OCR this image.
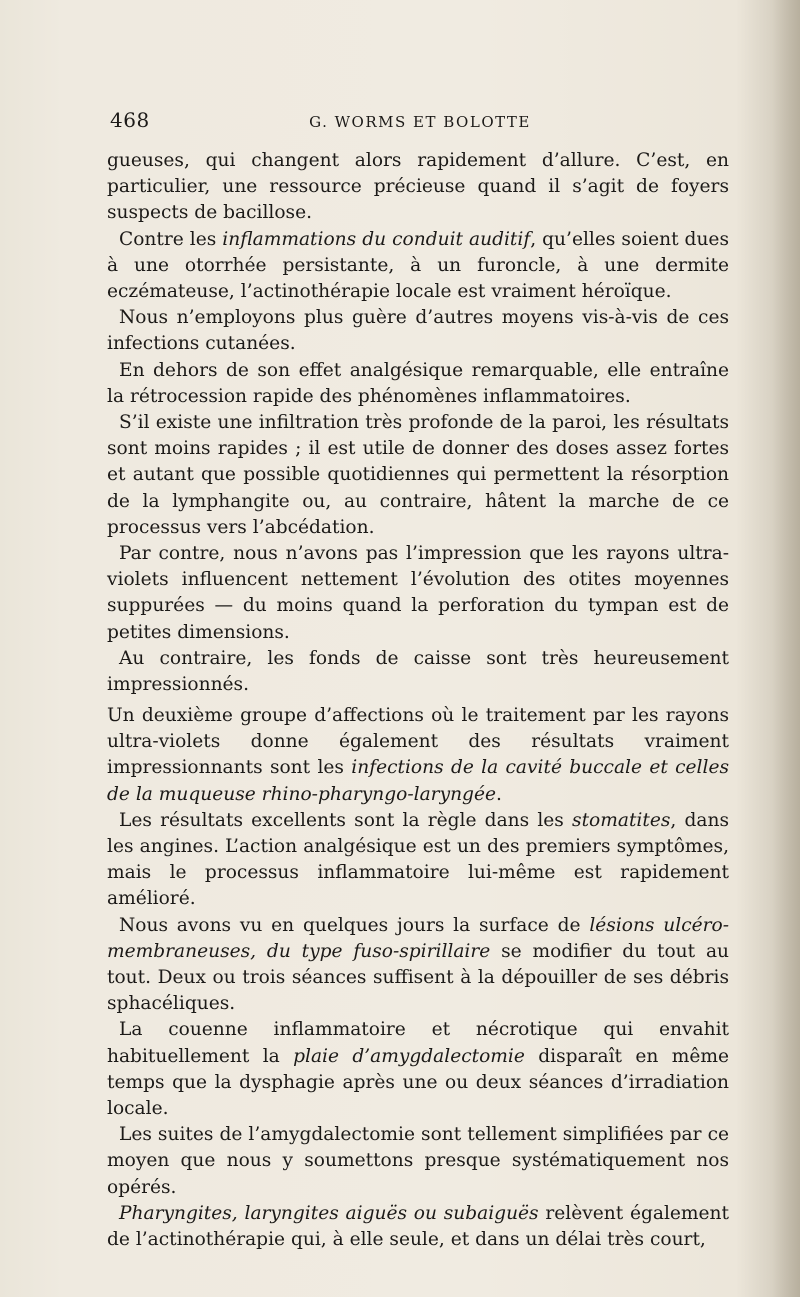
468	G. WORMS ET BOLOTTE

gueuses, qui changent alors rapidement d’allure. C’est, en particulier, une ressource précieuse quand il s’agit de foyers suspects de bacillose.

Contre les inflammations du conduit auditif, qu’elles soient dues à une otorrhée persistante, à un furoncle, à une dermite eczémateuse, l’actinothérapie locale est vraiment héroïque.

Nous n’employons plus guère d’autres moyens vis-à-vis de ces infections cutanées.

En dehors de son effet analgésique remarquable, elle entraîne la rétrocession rapide des phénomènes inflammatoires.

S’il existe une infiltration très profonde de la paroi, les résultats sont moins rapides ; il est utile de donner des doses assez fortes et autant que possible quotidiennes qui permettent la résorption de la lymphangite ou, au contraire, hâtent la marche de ce processus vers l’abcédation.

Par contre, nous n’avons pas l’impression que les rayons ultra-violets influencent nettement l’évolution des otites moyennes suppurées — du moins quand la perforation du tympan est de petites dimensions.

Au contraire, les fonds de caisse sont très heureusement impressionnés.

Un deuxième groupe d’affections où le traitement par les rayons ultra-violets donne également des résultats vraiment impressionnants sont les infections de la cavité buccale et celles de la muqueuse rhino-pharyngo-laryngée.

Les résultats excellents sont la règle dans les stomatites, dans les angines. L’action analgésique est un des premiers symptômes, mais le processus inflammatoire lui-même est rapidement amélioré.

Nous avons vu en quelques jours la surface de lésions ulcéro-membraneuses, du type fuso-spirillaire se modifier du tout au tout. Deux ou trois séances suffisent à la dépouiller de ses débris sphacéliques.

La couenne inflammatoire et nécrotique qui envahit habituellement la plaie d’amygdalectomie disparaît en même temps que la dysphagie après une ou deux séances d’irradiation locale.

Les suites de l’amygdalectomie sont tellement simplifiées par ce moyen que nous y soumettons presque systématiquement nos opérés.

Pharyngites, laryngites aiguës ou subaiguës relèvent également de l’actinothérapie qui, à elle seule, et dans un délai très court,
